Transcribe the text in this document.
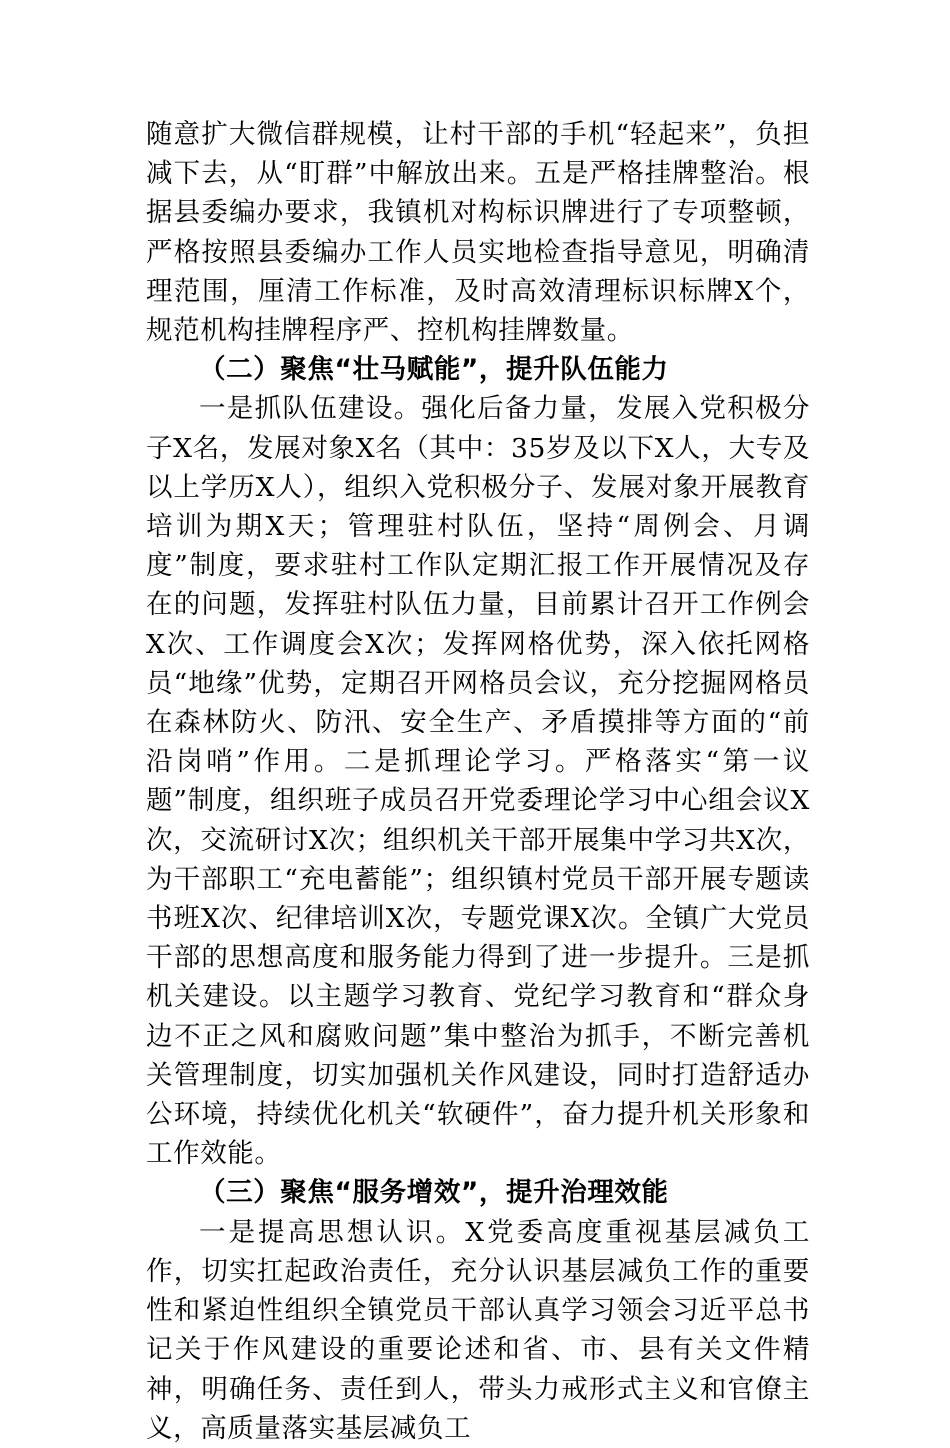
随意扩大微信群规模，让村干部的手机“轻起来”，负担减下去，从“盯群”中解放出来。五是严格挂牌整治。根据县委编办要求，我镇机对构标识牌进行了专项整顿，严格按照县委编办工作人员实地检查指导意见，明确清理范围，厘清工作标准，及时高效清理标识标牌X个，规范机构挂牌程序严、控机构挂牌数量。

（二）聚焦“壮马赋能”，提升队伍能力

一是抓队伍建设。强化后备力量，发展入党积极分子X名，发展对象X名（其中：35岁及以下X人，大专及以上学历X人），组织入党积极分子、发展对象开展教育培训为期X天；管理驻村队伍，坚持“周例会、月调度”制度，要求驻村工作队定期汇报工作开展情况及存在的问题，发挥驻村队伍力量，目前累计召开工作例会X次、工作调度会X次；发挥网格优势，深入依托网格员“地缘”优势，定期召开网格员会议，充分挖掘网格员在森林防火、防汛、安全生产、矛盾摸排等方面的“前沿岗哨”作用。二是抓理论学习。严格落实“第一议题”制度，组织班子成员召开党委理论学习中心组会议X次，交流研讨X次；组织机关干部开展集中学习共X次，为干部职工“充电蓄能”；组织镇村党员干部开展专题读书班X次、纪律培训X次，专题党课X次。全镇广大党员干部的思想高度和服务能力得到了进一步提升。三是抓机关建设。以主题学习教育、党纪学习教育和“群众身边不正之风和腐败问题”集中整治为抓手，不断完善机关管理制度，切实加强机关作风建设，同时打造舒适办公环境，持续优化机关“软硬件”，奋力提升机关形象和工作效能。

（三）聚焦“服务增效”，提升治理效能

一是提高思想认识。X党委高度重视基层减负工作，切实扛起政治责任，充分认识基层减负工作的重要性和紧迫性组织全镇党员干部认真学习领会习近平总书记关于作风建设的重要论述和省、市、县有关文件精神，明确任务、责任到人，带头力戒形式主义和官僚主义，高质量落实基层减负工
